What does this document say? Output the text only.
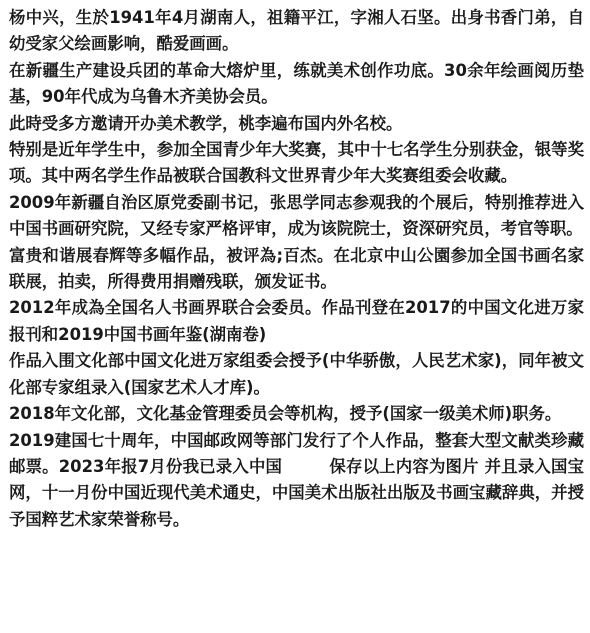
杨中兴，生於1941年4月湖南人，祖籍平江，字湘人石坚。出身书香门弟，自幼受家父绘画影响，酷爱画画。

在新疆生产建设兵团的革命大熔炉里，练就美术创作功底。30余年绘画阅历垫基，90年代成为乌鲁木齐美协会员。

此時受多方邀请开办美术教学，桃李遍布国内外名校。

特别是近年学生中，参加全国青少年大奖赛，其中十七名学生分别获金，银等奖项。其中两名学生作品被联合国教科文世界青少年大奖赛组委会收藏。

2009年新疆自治区原党委副书记，张思学同志参观我的个展后，特别推荐进入中国书画研究院，又经专家严格评审，成为该院院士，资深研究员，考官等职。

富贵和谐展春辉等多幅作品，被评為;百杰。在北京中山公園参加全国书画名家联展，拍卖，所得费用捐赠残联，颁发证书。

2012年成為全国名人书画界联合会委员。作品刊登在2017的中国文化进万家报刊和2019中国书画年鉴(湖南卷)

作品入围文化部中国文化进万家组委会授予(中华骄傲，人民艺术家)，同年被文化部专家组录入(国家艺术人才库)。

2018年文化部，文化基金管理委员会等机构，授予(国家一级美术师)职务。

2019建国七十周年，中国邮政网等部门发行了个人作品，整套大型文献类珍藏邮票。2023年报7月份我已录入中国        保存以上内容为图片 并且录入国宝网，十一月份中国近现代美术通史，中国美术出版社出版及书画宝藏辞典，并授予国粹艺术家荣誉称号。
